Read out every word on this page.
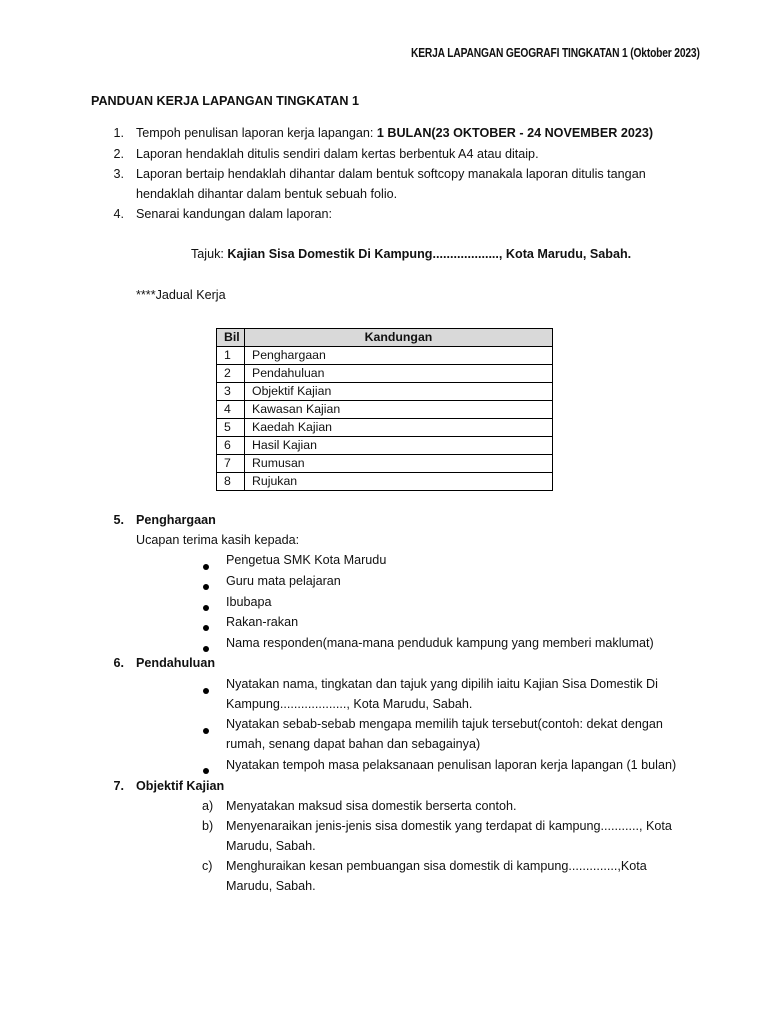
KERJA LAPANGAN GEOGRAFI TINGKATAN 1 (Oktober 2023)
PANDUAN KERJA LAPANGAN TINGKATAN 1
1. Tempoh penulisan laporan kerja lapangan: 1 BULAN(23 OKTOBER - 24 NOVEMBER 2023)
2. Laporan hendaklah ditulis sendiri dalam kertas berbentuk A4 atau ditaip.
3. Laporan bertaip hendaklah dihantar dalam bentuk softcopy manakala laporan ditulis tangan
hendaklah dihantar dalam bentuk sebuah folio.
4. Senarai kandungan dalam laporan:
Tajuk: Kajian Sisa Domestik Di Kampung..................., Kota Marudu, Sabah.
****Jadual Kerja
Bil	Kandungan
1	Penghargaan
2	Pendahuluan
3	Objektif Kajian
4	Kawasan Kajian
5	Kaedah Kajian
6	Hasil Kajian
7	Rumusan
8	Rujukan
5. Penghargaan
Ucapan terima kasih kepada:
Pengetua SMK Kota Marudu
Guru mata pelajaran
Ibubapa
Rakan-rakan
Nama responden(mana-mana penduduk kampung yang memberi maklumat)
6. Pendahuluan
Nyatakan nama, tingkatan dan tajuk yang dipilih iaitu Kajian Sisa Domestik Di
Kampung..................., Kota Marudu, Sabah.
Nyatakan sebab-sebab mengapa memilih tajuk tersebut(contoh: dekat dengan
rumah, senang dapat bahan dan sebagainya)
Nyatakan tempoh masa pelaksanaan penulisan laporan kerja lapangan (1 bulan)
7. Objektif Kajian
a) Menyatakan maksud sisa domestik berserta contoh.
b) Menyenaraikan jenis-jenis sisa domestik yang terdapat di kampung..........., Kota
Marudu, Sabah.
c) Menghuraikan kesan pembuangan sisa domestik di kampung..............,Kota
Marudu, Sabah.
